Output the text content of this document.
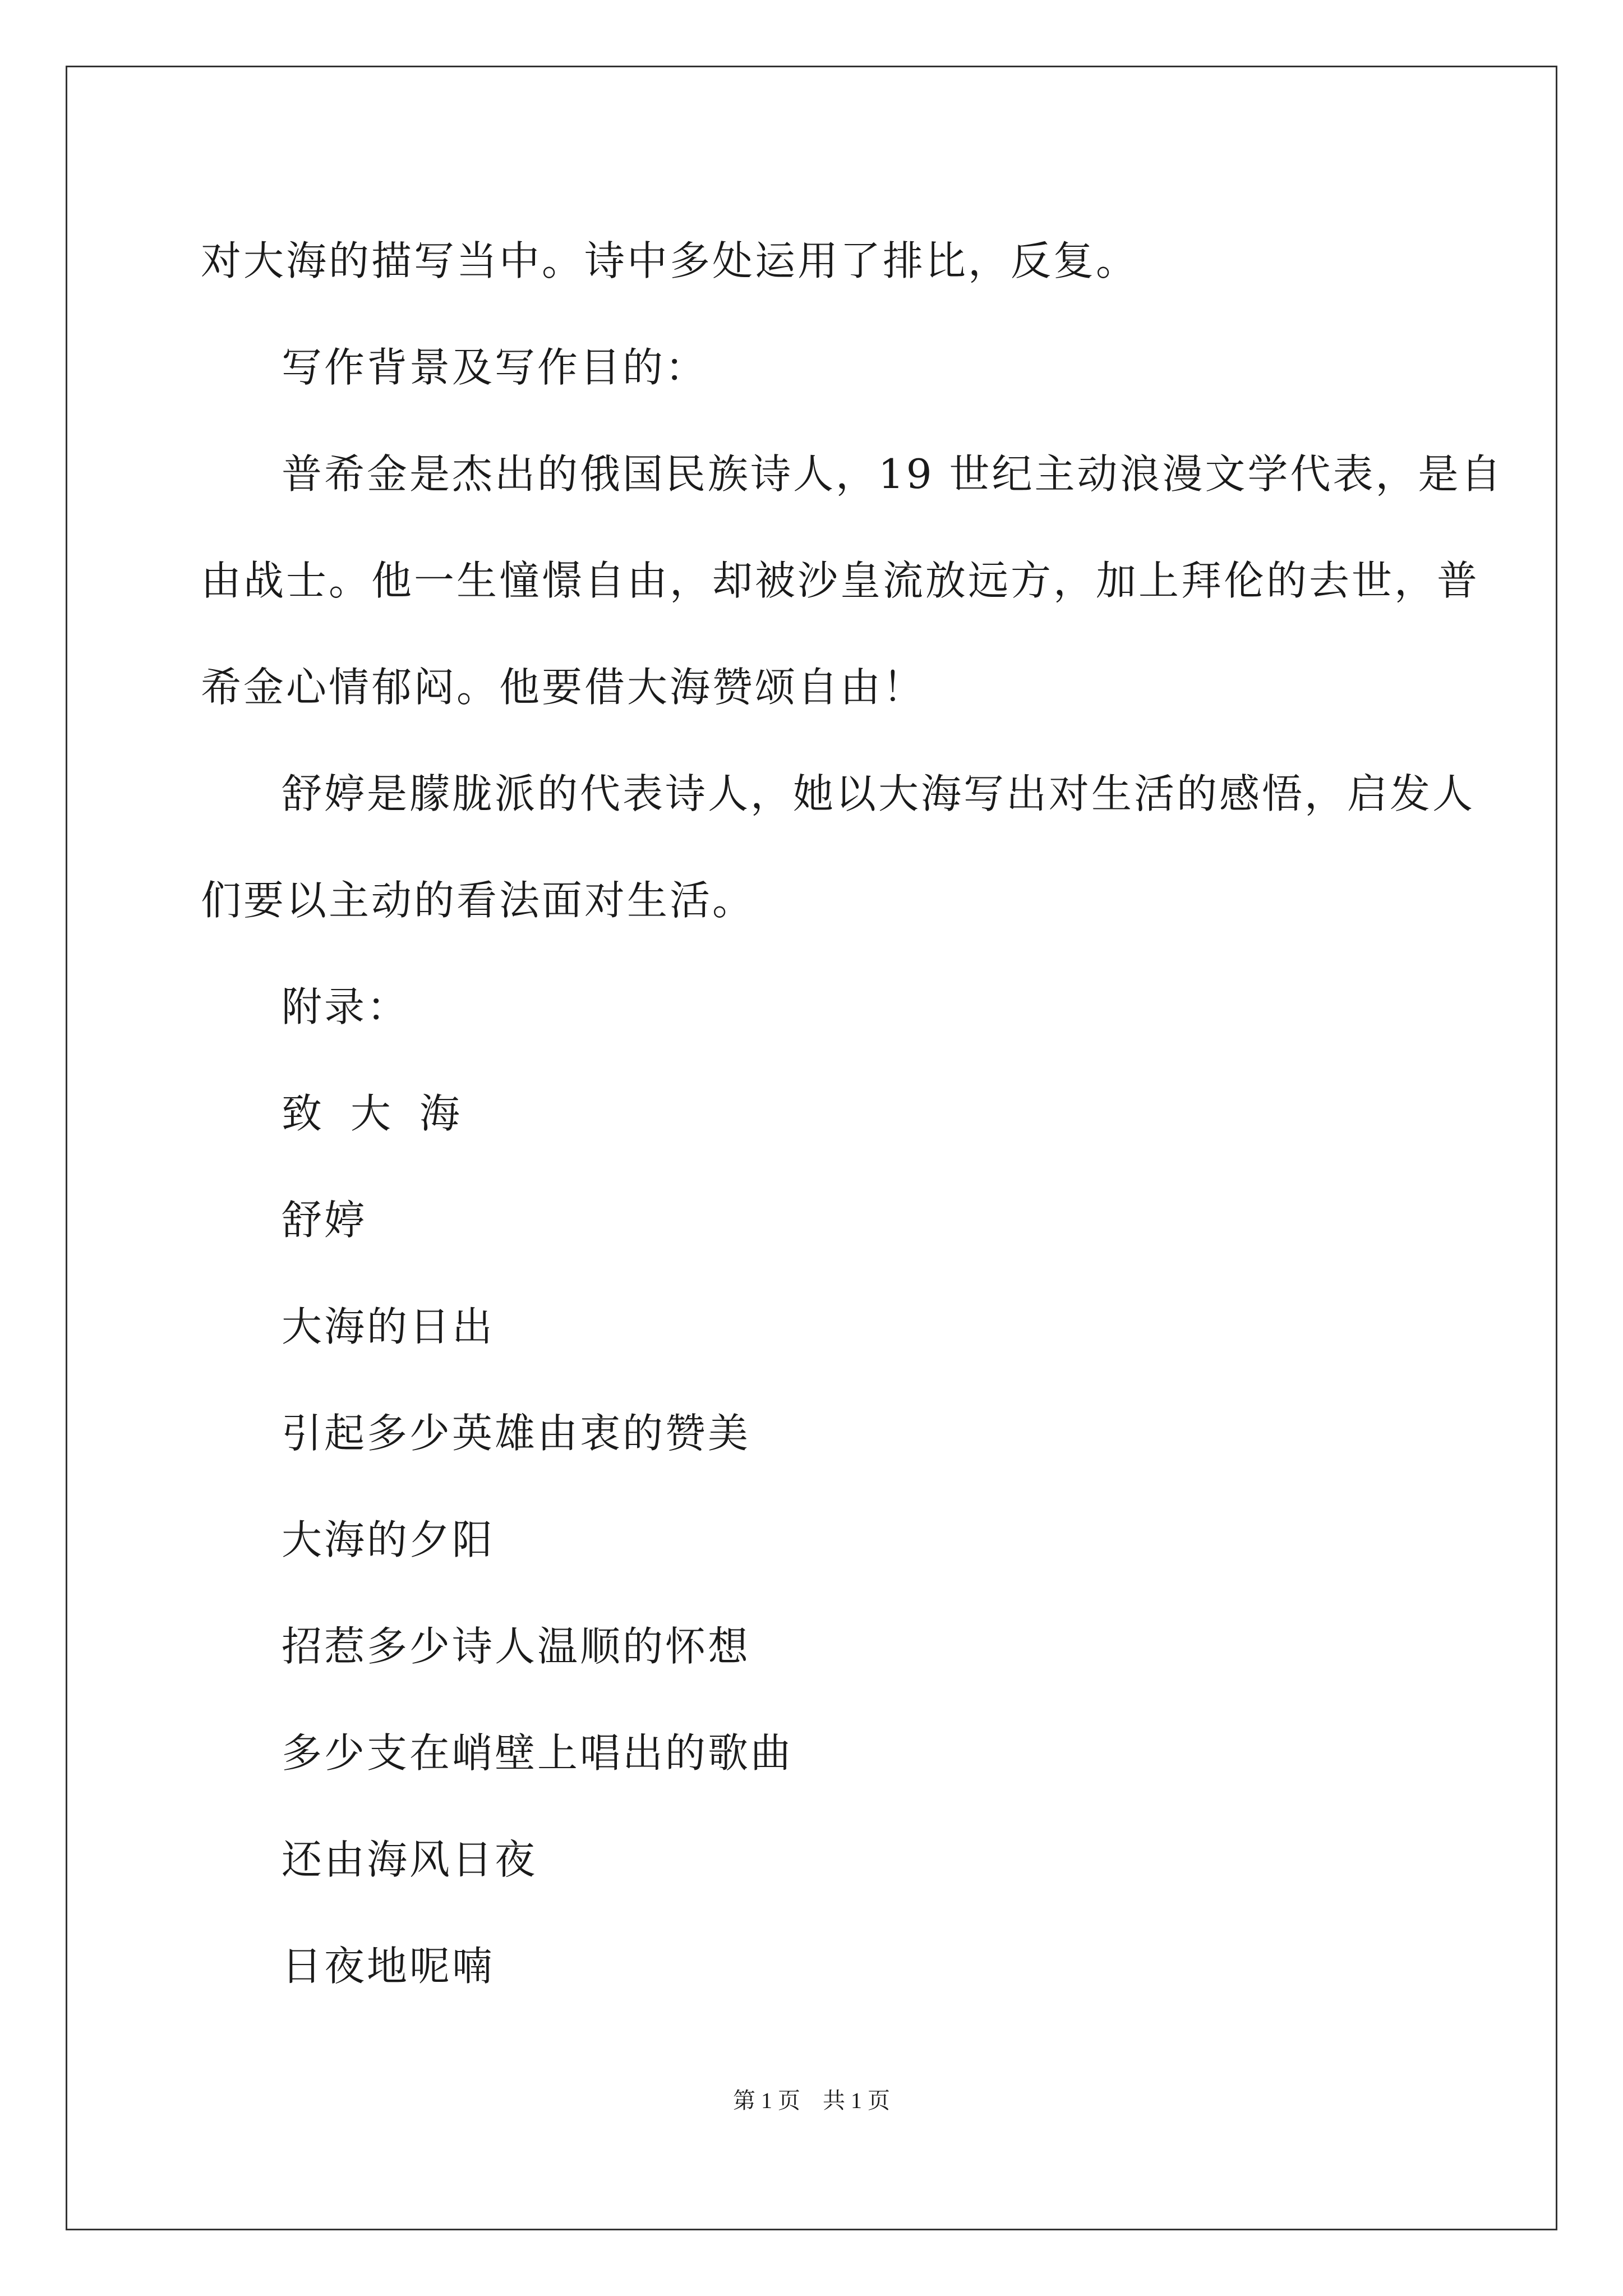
对大海的描写当中。诗中多处运用了排比，反复。

写作背景及写作目的：

普希金是杰出的俄国民族诗人，19 世纪主动浪漫文学代表，是自
由战士。他一生憧憬自由，却被沙皇流放远方，加上拜伦的去世，普
希金心情郁闷。他要借大海赞颂自由！

舒婷是朦胧派的代表诗人，她以大海写出对生活的感悟，启发人
们要以主动的看法面对生活。

附录：

致 大 海

舒婷

大海的日出

引起多少英雄由衷的赞美

大海的夕阳

招惹多少诗人温顺的怀想

多少支在峭壁上唱出的歌曲

还由海风日夜

日夜地呢喃

第 1 页 共 1 页
